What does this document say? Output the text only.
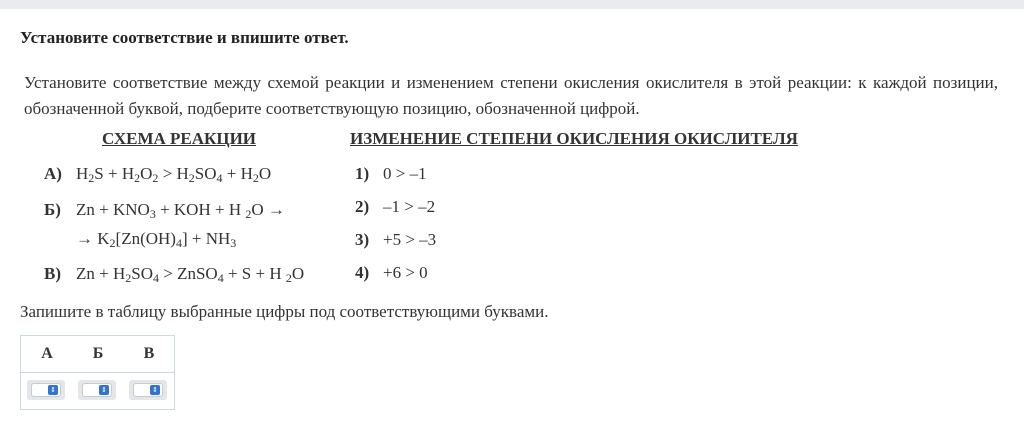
Установите соответствие и впишите ответ.
Установите соответствие между схемой реакции и изменением степени окисления окислителя в этой реакции: к каждой позиции, обозначенной буквой, подберите соответствующую позицию, обозначенной цифрой.
СХЕМА РЕАКЦИИ	ИЗМЕНЕНИЕ СТЕПЕНИ ОКИСЛЕНИЯ ОКИСЛИТЕЛЯ
А) $H_2S + H_2O_2 > H_2SO_4 + H_2O$
Б) $Zn + KNO_3$ + KOH + H $_2$O →
→ $K_2[Zn(OH)_4] + NH_3$
В) $Zn + H_2SO_4$ > ZnSO$_4$ + S + H $_2$O
1) 0 > –1
2) –1 > –2
3) +5 > –3
4) +6 > 0
Запишите в таблицу выбранные цифры под соответствующими буквами.
А	Б	В
⇕	⇕	⇕
